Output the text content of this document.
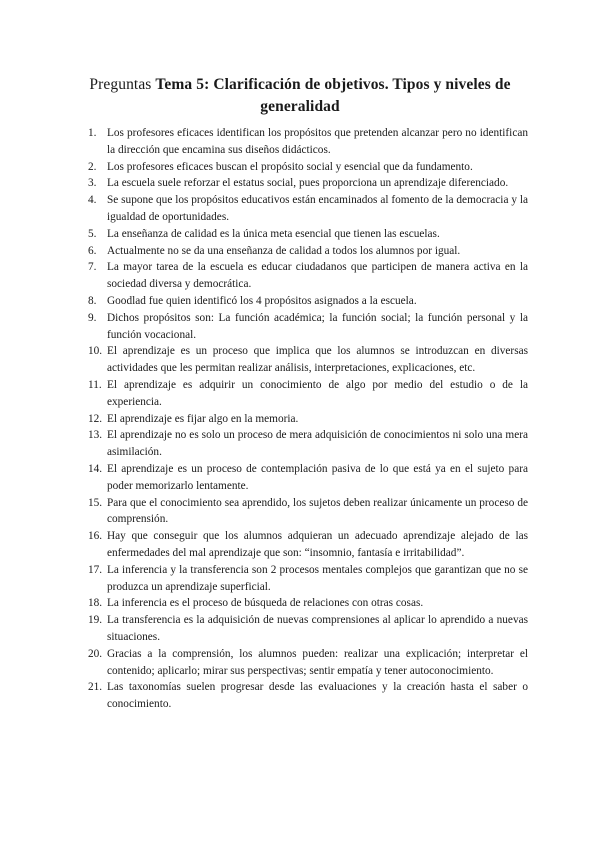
Preguntas Tema 5: Clarificación de objetivos. Tipos y niveles de generalidad
1. Los profesores eficaces identifican los propósitos que pretenden alcanzar pero no identifican la dirección que encamina sus diseños didácticos.
2. Los profesores eficaces buscan el propósito social y esencial que da fundamento.
3. La escuela suele reforzar el estatus social, pues proporciona un aprendizaje diferenciado.
4. Se supone que los propósitos educativos están encaminados al fomento de la democracia y la igualdad de oportunidades.
5. La enseñanza de calidad es la única meta esencial que tienen las escuelas.
6. Actualmente no se da una enseñanza de calidad a todos los alumnos por igual.
7. La mayor tarea de la escuela es educar ciudadanos que participen de manera activa en la sociedad diversa y democrática.
8. Goodlad fue quien identificó los 4 propósitos asignados a la escuela.
9. Dichos propósitos son: La función académica; la función social; la función personal y la función vocacional.
10. El aprendizaje es un proceso que implica que los alumnos se introduzcan en diversas actividades que les permitan realizar análisis, interpretaciones, explicaciones, etc.
11. El aprendizaje es adquirir un conocimiento de algo por medio del estudio o de la experiencia.
12. El aprendizaje es fijar algo en la memoria.
13. El aprendizaje no es solo un proceso de mera adquisición de conocimientos ni solo una mera asimilación.
14. El aprendizaje es un proceso de contemplación pasiva de lo que está ya en el sujeto para poder memorizarlo lentamente.
15. Para que el conocimiento sea aprendido, los sujetos deben realizar únicamente un proceso de comprensión.
16. Hay que conseguir que los alumnos adquieran un adecuado aprendizaje alejado de las enfermedades del mal aprendizaje que son: “insomnio, fantasía e irritabilidad”.
17. La inferencia y la transferencia son 2 procesos mentales complejos que garantizan que no se produzca un aprendizaje superficial.
18. La inferencia es el proceso de búsqueda de relaciones con otras cosas.
19. La transferencia es la adquisición de nuevas comprensiones al aplicar lo aprendido a nuevas situaciones.
20. Gracias a la comprensión, los alumnos pueden: realizar una explicación; interpretar el contenido; aplicarlo; mirar sus perspectivas; sentir empatía y tener autoconocimiento.
21. Las taxonomías suelen progresar desde las evaluaciones y la creación hasta el saber o conocimiento.
